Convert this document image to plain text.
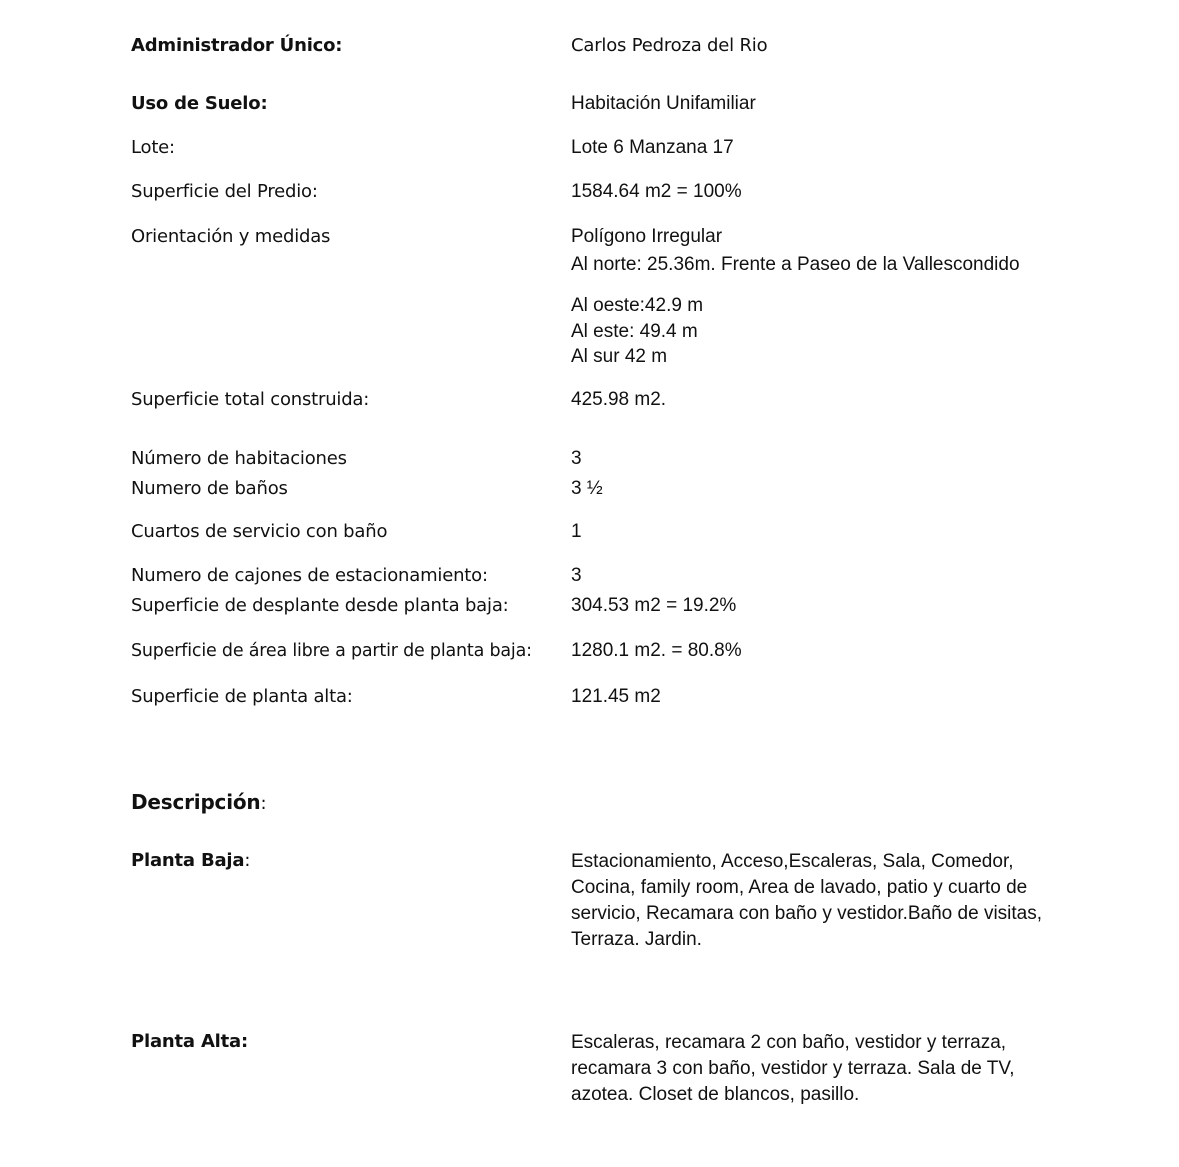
Administrador Único:	Carlos Pedroza del Rio
Uso de Suelo:	Habitación Unifamiliar
Lote:	Lote 6 Manzana 17
Superficie del Predio:	1584.64 m2 = 100%
Orientación y medidas	Polígono Irregular
Al norte: 25.36m. Frente a Paseo de la Vallescondido
Al oeste:42.9 m
Al este: 49.4 m
Al sur 42 m
Superficie total construida:	425.98 m2.
Número de habitaciones	3
Numero de baños	3 ½
Cuartos de servicio con baño	1
Numero de cajones de estacionamiento:	3
Superficie de desplante desde planta baja:	304.53 m2 = 19.2%
Superficie de área libre a partir de planta baja: 1280.1 m2. = 80.8%
Superficie de planta alta:	121.45 m2
Descripción:
Planta Baja:	Estacionamiento, Acceso,Escaleras, Sala, Comedor,
Cocina, family room, Area de lavado, patio y cuarto de
servicio, Recamara con baño y vestidor.Baño de visitas,
Terraza. Jardin.
Planta Alta:	Escaleras, recamara 2 con baño, vestidor y terraza,
recamara 3 con baño, vestidor y terraza. Sala de TV,
azotea. Closet de blancos, pasillo.
